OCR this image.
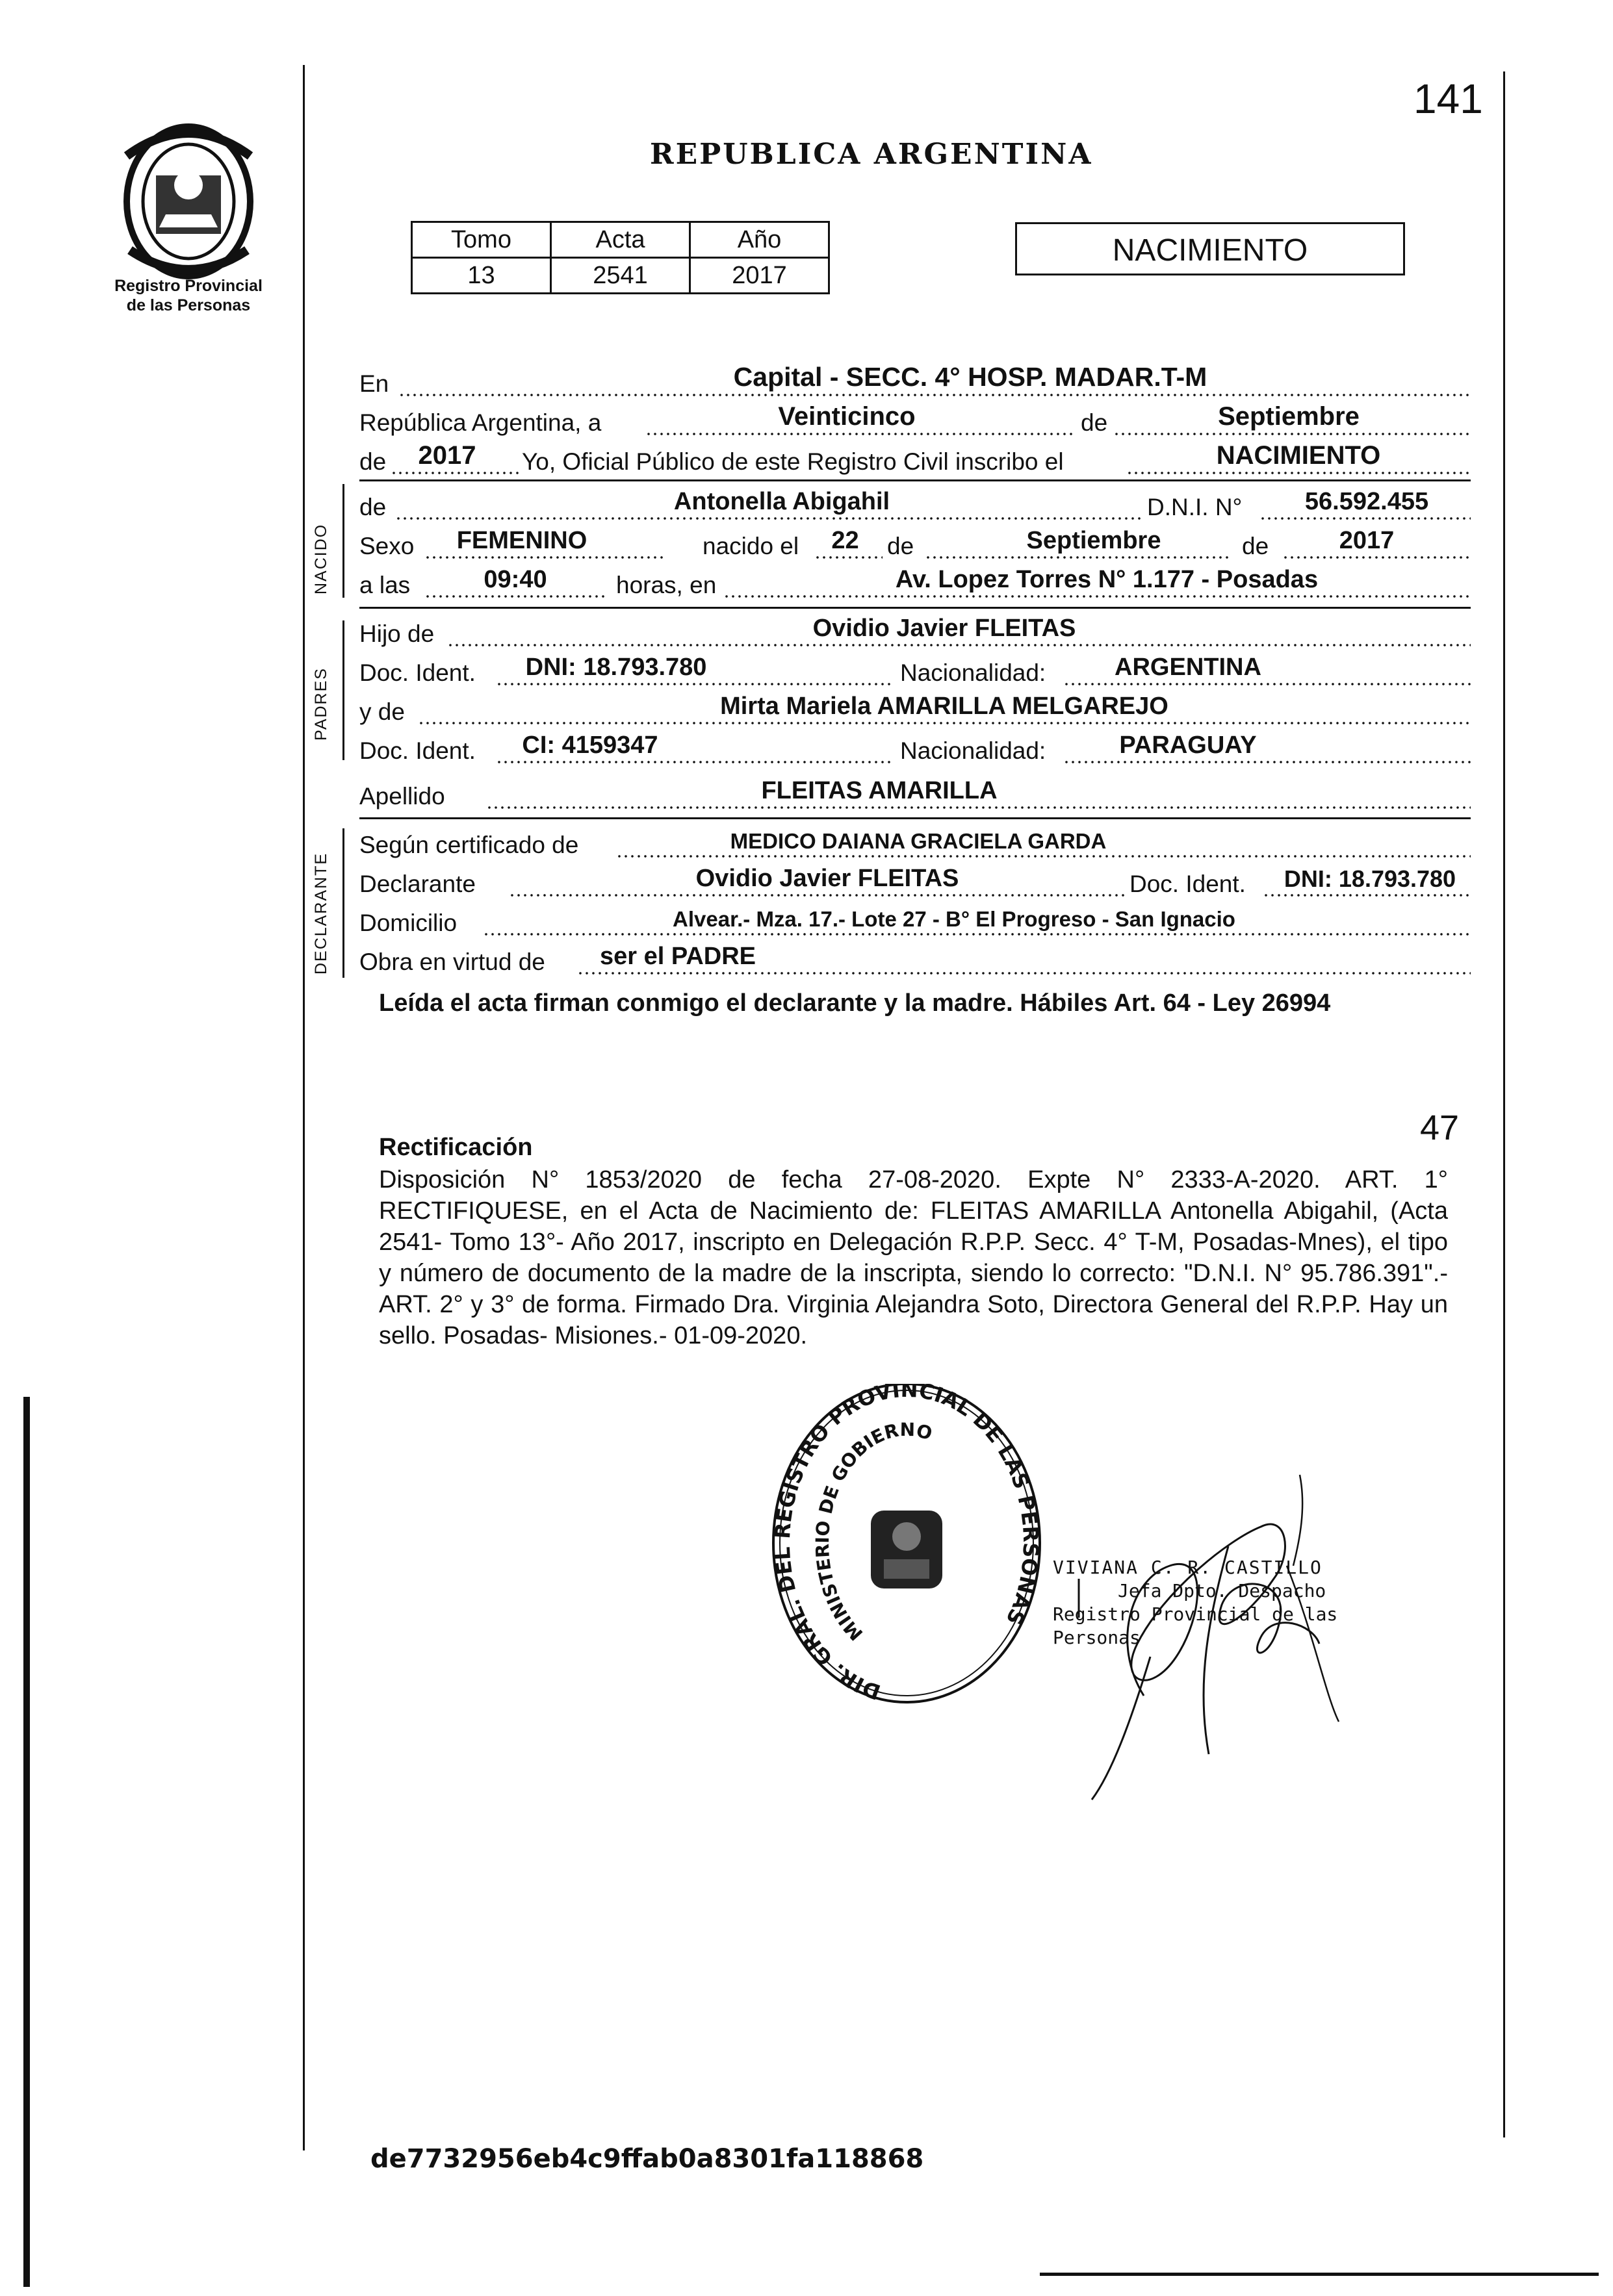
Registro Provincial
de las Personas
141
REPUBLICA ARGENTINA
Tomo	Acta	Año
13	2541	2017
NACIMIENTO
En	Capital - SECC. 4° HOSP. MADAR.T-M
República Argentina, a	Veinticinco	de	Septiembre
de	2017	Yo, Oficial Público de este Registro Civil inscribo el	NACIMIENTO
NACIDO
de	Antonella Abigahil	D.N.I. N°	56.592.455
Sexo	FEMENINO	nacido el	22	de	Septiembre	de	2017
a las	09:40	horas, en	Av. Lopez Torres N° 1.177 - Posadas
PADRES
Hijo de	Ovidio Javier FLEITAS
Doc. Ident.	DNI: 18.793.780	Nacionalidad:	ARGENTINA
y de	Mirta Mariela AMARILLA MELGAREJO
Doc. Ident.	CI: 4159347	Nacionalidad:	PARAGUAY
Apellido	FLEITAS AMARILLA
DECLARANTE
Según certificado de	MEDICO DAIANA GRACIELA GARDA
Declarante	Ovidio Javier FLEITAS	Doc. Ident.	DNI: 18.793.780
Domicilio	Alvear.- Mza. 17.- Lote 27 - B° El Progreso - San Ignacio
Obra en virtud de	ser el PADRE
Leída el acta firman conmigo el declarante y la madre. Hábiles Art. 64 - Ley 26994
47
Rectificación
Disposición N° 1853/2020 de fecha 27-08-2020. Expte N° 2333-A-2020. ART. 1° RECTIFIQUESE, en el Acta de Nacimiento de: FLEITAS AMARILLA Antonella Abigahil, (Acta 2541- Tomo 13°- Año 2017, inscripto en Delegación R.P.P. Secc. 4° T-M, Posadas-Mnes), el tipo y número de documento de la madre de la inscripta, siendo lo correcto: "D.N.I. N° 95.786.391".- ART. 2° y 3° de forma. Firmado Dra. Virginia Alejandra Soto, Directora General del R.P.P. Hay un sello. Posadas- Misiones.- 01-09-2020.
DIR. GRAL. DEL REGISTRO PROVINCIAL DE LAS PERSONAS
MINISTERIO DE GOBIERNO
VIVIANA C. R. CASTILLO
Jefa Dpto. Despacho
Registro Provincial de las Personas
de7732956eb4c9ffab0a8301fa118868
